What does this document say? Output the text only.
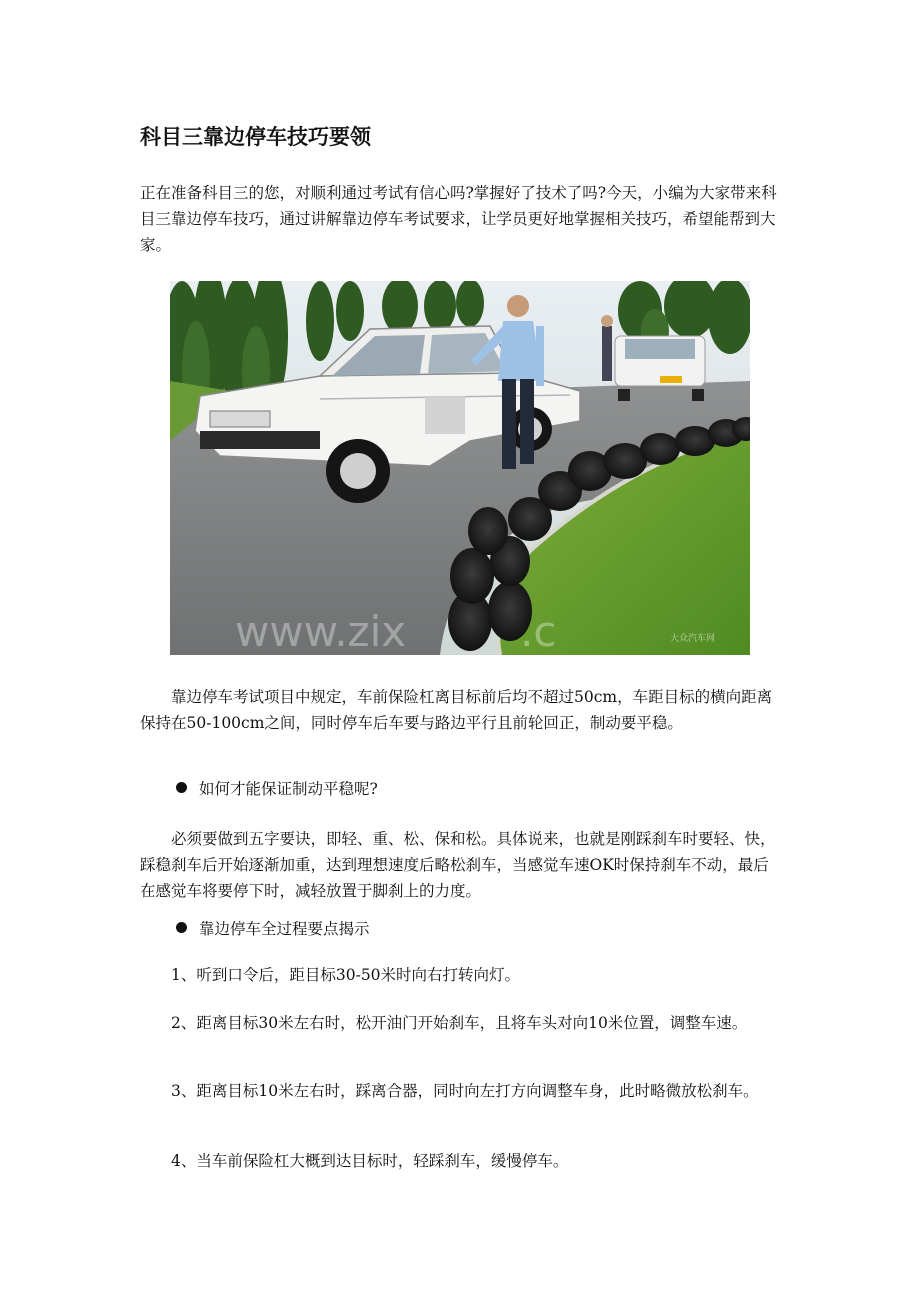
科目三靠边停车技巧要领

正在准备科目三的您，对顺利通过考试有信心吗?掌握好了技术了吗?今天，小编为大家带来科目三靠边停车技巧，通过讲解靠边停车考试要求，让学员更好地掌握相关技巧，希望能帮到大家。

www.zix	.c	大众汽车网

靠边停车考试项目中规定，车前保险杠离目标前后均不超过50cm，车距目标的横向距离保持在50-100cm之间，同时停车后车要与路边平行且前轮回正，制动要平稳。

如何才能保证制动平稳呢?

必须要做到五字要诀，即轻、重、松、保和松。具体说来，也就是刚踩刹车时要轻、快，踩稳刹车后开始逐渐加重，达到理想速度后略松刹车，当感觉车速OK时保持刹车不动，最后在感觉车将要停下时，减轻放置于脚刹上的力度。

靠边停车全过程要点揭示

1、听到口令后，距目标30-50米时向右打转向灯。

2、距离目标30米左右时，松开油门开始刹车，且将车头对向10米位置，调整车速。

3、距离目标10米左右时，踩离合器，同时向左打方向调整车身，此时略微放松刹车。

4、当车前保险杠大概到达目标时，轻踩刹车，缓慢停车。
